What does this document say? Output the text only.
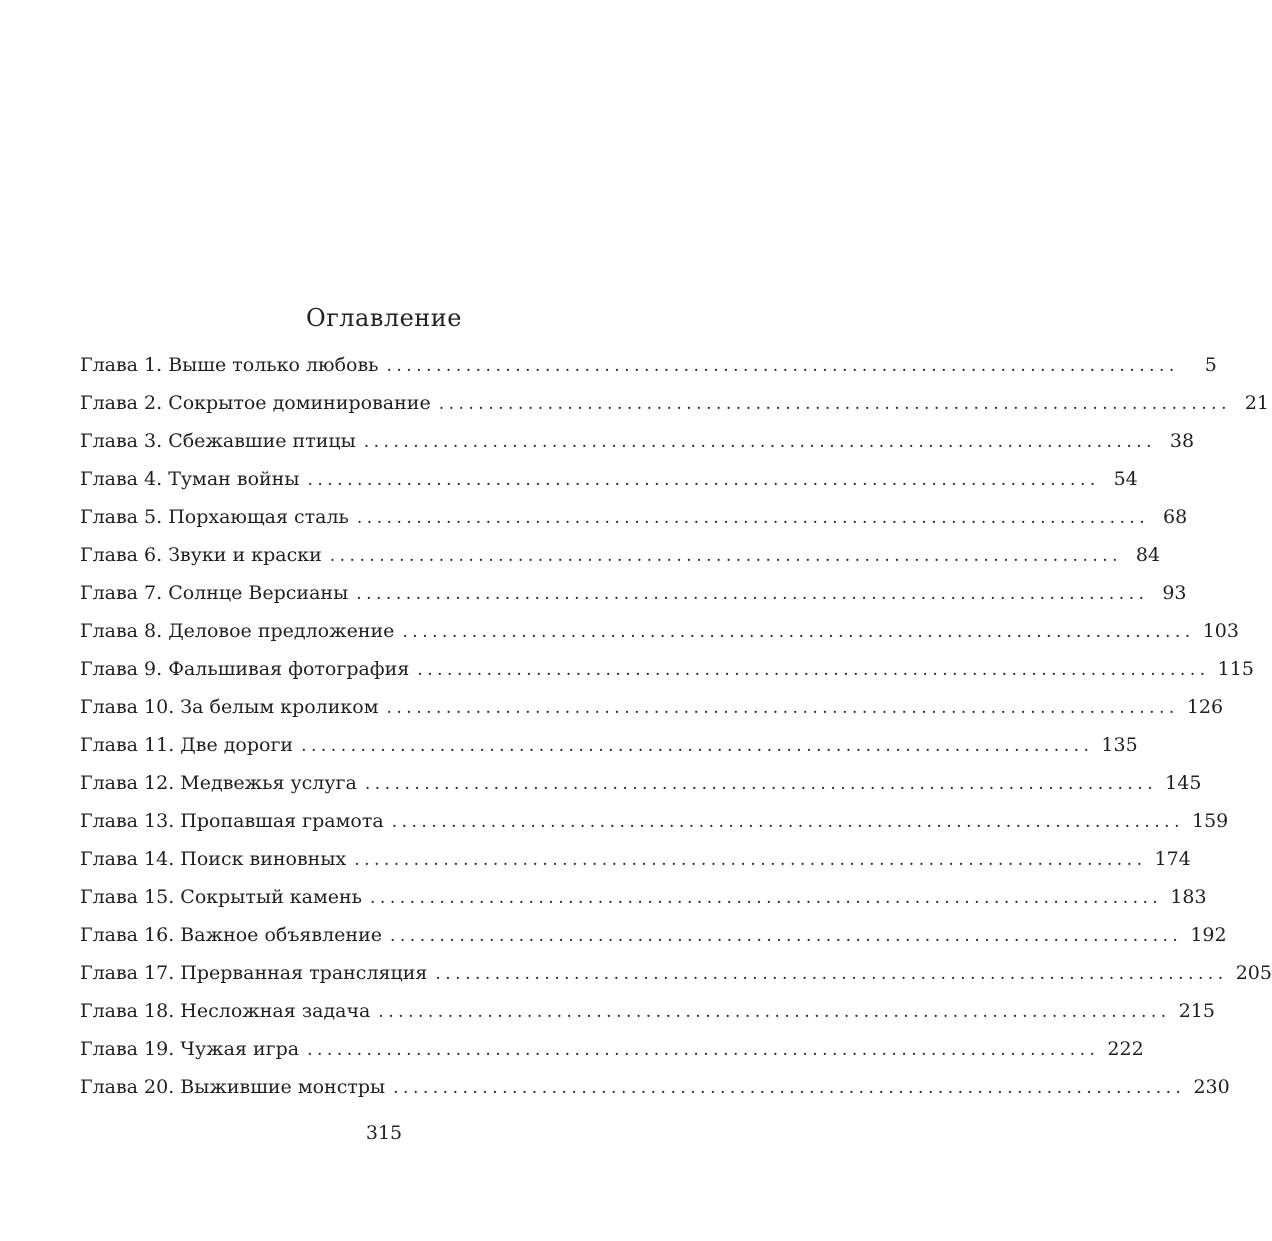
Оглавление
Глава 1. Выше только любовь ................................................................................	5
Глава 2. Сокрытое доминирование ................................................................................ 21
Глава 3. Сбежавшие птицы ................................................................................ 38
Глава 4. Туман войны ................................................................................ 54
Глава 5. Порхающая сталь ................................................................................ 68
Глава 6. Звуки и краски ................................................................................ 84
Глава 7. Солнце Версианы ................................................................................ 93
Глава 8. Деловое предложение ................................................................................ 103
Глава 9. Фальшивая фотография ................................................................................ 115
Глава 10. За белым кроликом ................................................................................ 126
Глава 11. Две дороги ................................................................................ 135
Глава 12. Медвежья услуга ................................................................................ 145
Глава 13. Пропавшая грамота ................................................................................ 159
Глава 14. Поиск виновных ................................................................................ 174
Глава 15. Сокрытый камень ................................................................................ 183
Глава 16. Важное объявление ................................................................................ 192
Глава 17. Прерванная трансляция ................................................................................ 205
Глава 18. Несложная задача ................................................................................ 215
Глава 19. Чужая игра ................................................................................ 222
Глава 20. Выжившие монстры ................................................................................ 230
315
